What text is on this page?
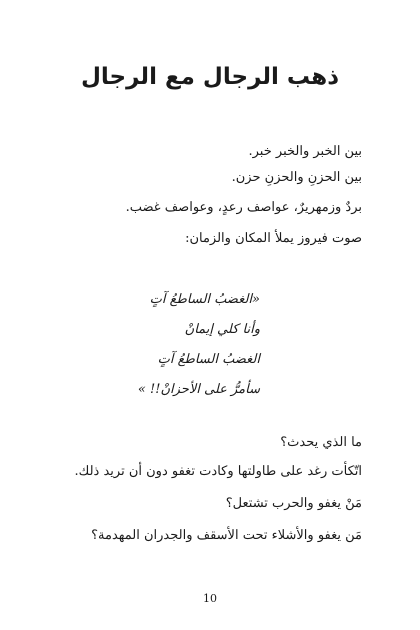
ذهب الرجال مع الرجال

بين الخبر والخبر خبر.

بين الحزنِ والحزنِ حزن.

بردٌ وزمهريرٌ، عواصف رعدٍ، وعواصف غضب.

صوت فيروز يملأ المكان والزمان:

«الغضبُ الساطعُ آتٍ

وأنا كلي إيمانْ

الغضبُ الساطعُ آتٍ

سأمرُّ على الأحزانْ!! »

ما الذي يحدث؟

اتّكأت رغد على طاولتها وكادت تغفو دون أن تريد ذلك.

مَنْ يغفو والحرب تشتعل؟

مَن يغفو والأشلاء تحت الأسقف والجدران المهدمة؟

10
